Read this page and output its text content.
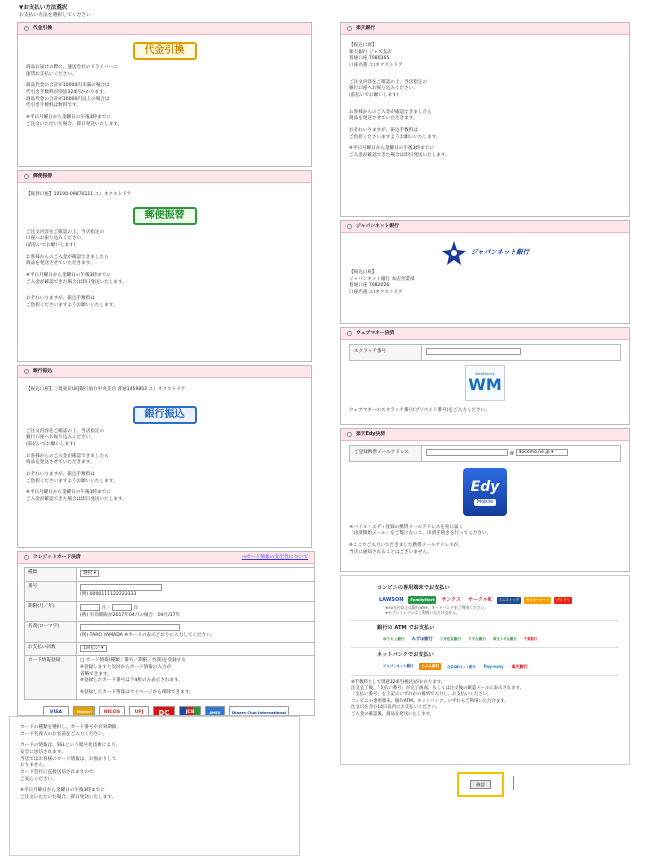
▼お支払い方法選択
お支払い方法を選択してください
代金引換
代金引換

商品お届けの際に、運送会社のドライバーに

運賃お支払いください。

商品代金の合計が10000円未満の場合は

代引き手数料が別途324円かかります。

商品代金の合計が10000円以上の場合は

代引き手数料は無料です。

※平日月曜日から金曜日の午後3時までに

ご注文いただいた場合、即日発送いたします。

郵便振替

【振替口座】10100-09870111 ユ）ネクストドア

郵便振替

ご注文内容をご確認の上、当店指定の

口座へお振り込みください。

(前払いでお願いします)

お客様からのご入金が確認できましたら

商品を発送させていただきます。

※平日月曜日から金曜日の午後3時までに

ご入金が確認できた場合は即日発送いたします。

おそれいりますが、振込手数料は

ご負担くださいますようお願いいたします。

銀行振込

【振込口座】三菱東京UFJ銀行仙台中央支店 普通1459852 ユ）ネクストドア

銀行振込

ご注文内容をご確認の上、当店指定の

銀行口座へお振り込みください。

(前払いでお願いします)

お客様からのご入金が確認できましたら

商品を発送させていただきます。

おそれいりますが、振込手数料は

ご負担くださいますようお願いいたします。

※平日月曜日から金曜日の午後3時までに

ご入金が確認できた場合は即日発送いたします。

クレジットカード決済	→カード情報の安全性について
種類	選択 ▾
番号	(例) 0000111122223333
期限(月／年)	月／ 年
(例) 有効期限が2017年04月の場合　04月/17年
名義(ローマ字)	(例) TARO YAMADA ※カードの表示どおりに入力してください。
お支払い回数	1回払い ▾
カード情報登録	□ カード情報(種類／番号／期限／名義)を登録する

※登録しますと次回からカード情報の入力が

省略できます。

※登録したカード番号は下4桁のみ表示されます。

※登録したカード情報はマイページから削除できます。

VISA	Master	NICOS	UFJ	DC	JCB	AMEX	Diners Club International

カードの種類を選択し、カード番号や有効期限、

カード名義人のお名前をご入力ください。

カードの情報は、SSLという暗号化技術により、

安全に送信されます。

当店ではお客様のカード情報は、お預かりして

おりません。

カード会社に直接送信されますので

ご安心ください。

※平日月曜日から金曜日の午後3時までに

ご注文いただいた場合、即日発送いたします。

楽天銀行

【振込口座】

楽天銀行 ジャズ支店

普通口座 7080365

口座名義 ユ)ネクストドア

ご注文内容をご確認の上、当店指定の

銀行口座へお振り込みください。

(前払いでお願いします)

お客様からのご入金が確認できましたら

商品を発送させていただきます。

おそれいりますが、振込手数料は

ご負担くださいますようお願いいたします。

※平日月曜日から金曜日の午後3時までに

ご入金が確認できた場合は即日発送いたします。

ジャパンネット銀行
ジャパンネット銀行

【振込口座】

ジャパンネット銀行 本店営業部

普通口座 7082026

口座名義 ユ)ネクストドア

ウェブマネー決済
スクラッチ番号	
WebMoney
WM
ウェブマネーのスクラッチ番号(プリペイド番号)をご入力ください。
楽天Edy決済
ご登録携帯メールアドレス	@ docomo.ne.jp ▾
Edy
Mobile

モバイル・エディ登録の携帯メールアドレスを宛に届く

「決済開始メール」をご覧になって、決済手続きを行ってください。

※ここでご入力いただきました携帯メールアドレスが、

当店に通知されることはございません。

コンビニの専用端末でお支払い
LAWSON	FamilyMart	サンクス	サークルK	ミニストップ	セイコーマート	デイリー
※30万円以上は銀行ATM、ネットバンクをご利用ください。
※セブンイレブンはご利用いただけません。
銀行の ATM でお支払い
ゆうちょ銀行	みずほ銀行	三井住友銀行	りそな銀行	埼玉りそな銀行	千葉銀行
ネットバンクでお支払い
ジャパンネット銀行	じぶん銀行	住信SBIネット銀行	Pay-easy	楽天銀行

※手数料として別途324円(税込)がかかります。

注文完了後、「支払い番号」が完了画面、もしくは注文後の確認メールに表示されます。

「支払い番号」を上記のいずれかの場所で入力し、お支払いください。

コンビニの専用端末、銀行ATM、ネットバンク、いずれもご利用いただけます。

注文日を含む14日以内にお支払いください。

ご入金の確認後、商品を発送いたします。

確認
